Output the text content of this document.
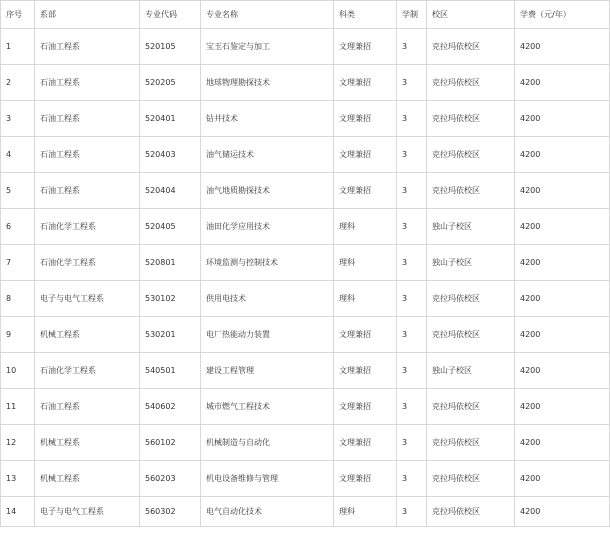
序号	系部	专业代码	专业名称	科类	学制	校区	学费（元/年）
1	石油工程系	520105	宝玉石鉴定与加工	文理兼招	3	克拉玛依校区	4200
2	石油工程系	520205	地球物理勘探技术	文理兼招	3	克拉玛依校区	4200
3	石油工程系	520401	钻井技术	文理兼招	3	克拉玛依校区	4200
4	石油工程系	520403	油气储运技术	文理兼招	3	克拉玛依校区	4200
5	石油工程系	520404	油气地质勘探技术	文理兼招	3	克拉玛依校区	4200
6	石油化学工程系	520405	油田化学应用技术	理科	3	独山子校区	4200
7	石油化学工程系	520801	环境监测与控制技术	理科	3	独山子校区	4200
8	电子与电气工程系	530102	供用电技术	理科	3	克拉玛依校区	4200
9	机械工程系	530201	电厂热能动力装置	文理兼招	3	克拉玛依校区	4200
10	石油化学工程系	540501	建设工程管理	文理兼招	3	独山子校区	4200
11	石油工程系	540602	城市燃气工程技术	文理兼招	3	克拉玛依校区	4200
12	机械工程系	560102	机械制造与自动化	文理兼招	3	克拉玛依校区	4200
13	机械工程系	560203	机电设备维修与管理	文理兼招	3	克拉玛依校区	4200
14	电子与电气工程系	560302	电气自动化技术	理科	3	克拉玛依校区	4200
